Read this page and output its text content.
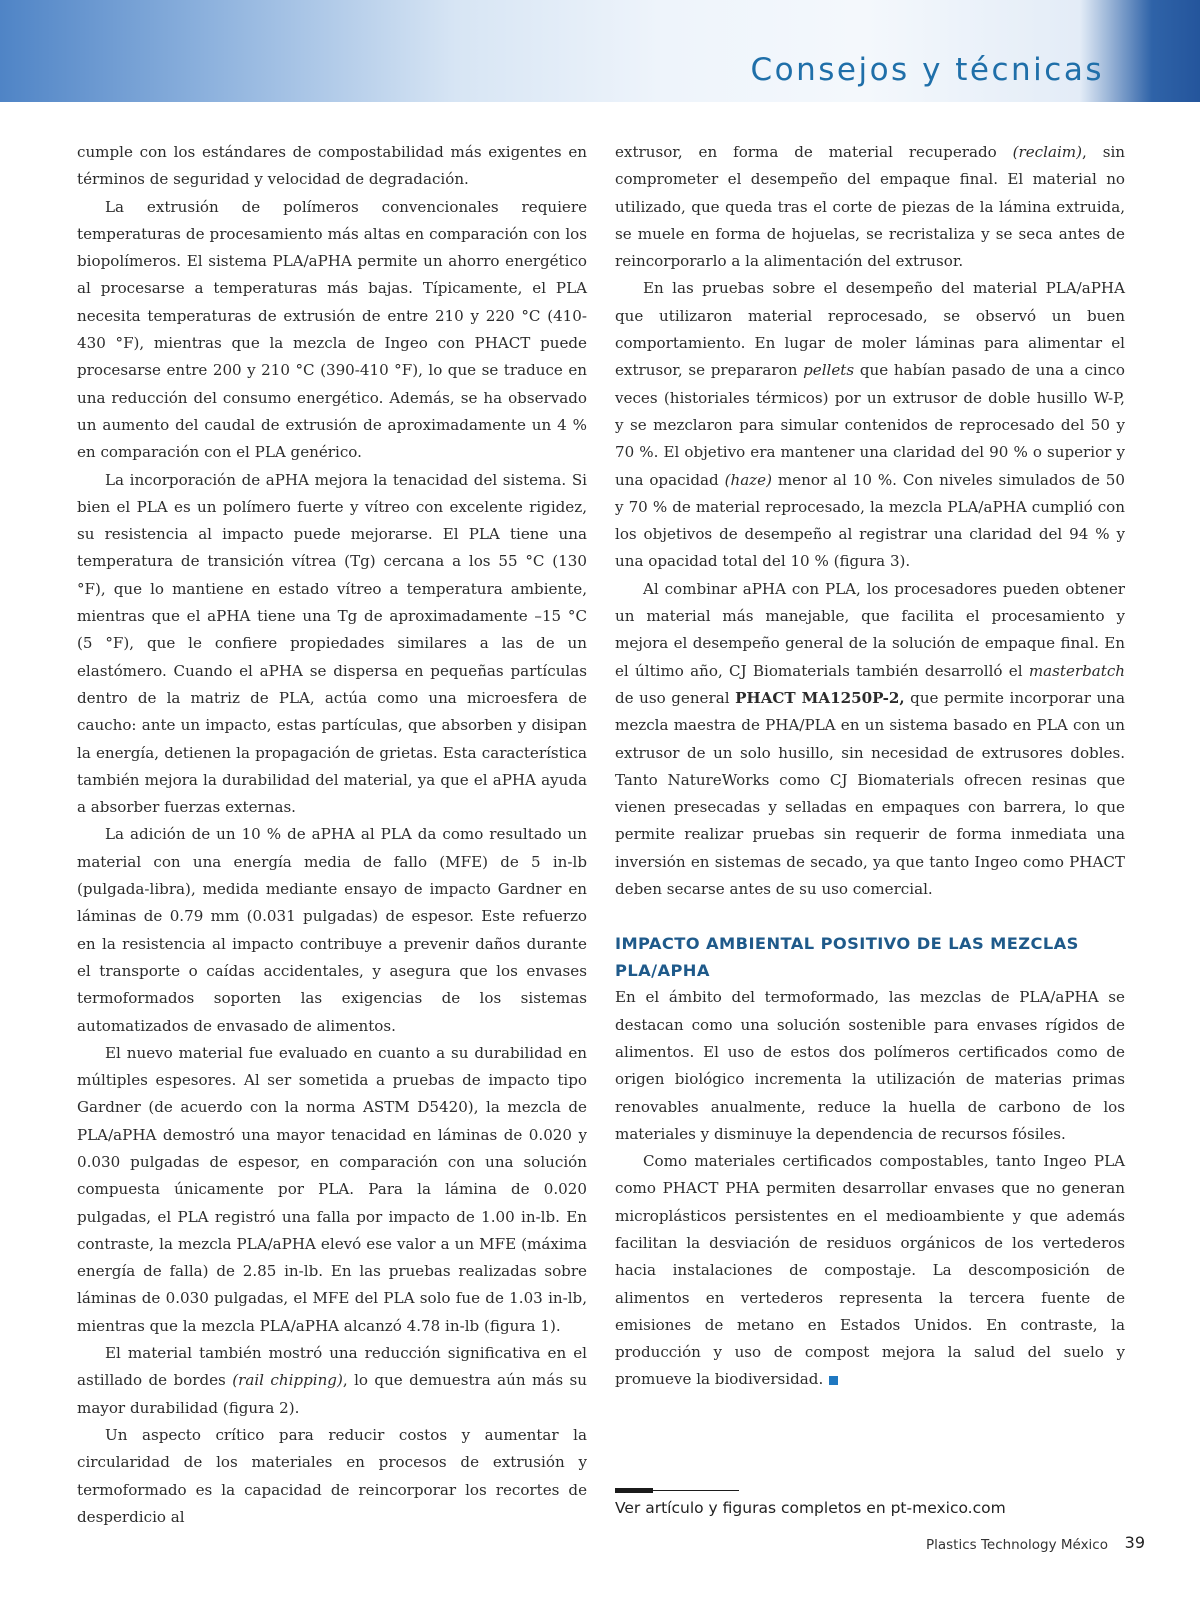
Consejos y técnicas

cumple con los estándares de compostabilidad más exigentes en términos de seguridad y velocidad de degradación.

La extrusión de polímeros convencionales requiere temperaturas de procesamiento más altas en comparación con los biopolímeros. El sistema PLA/aPHA permite un ahorro energético al procesarse a temperaturas más bajas. Típicamente, el PLA necesita temperaturas de extrusión de entre 210 y 220 °C (410-430 °F), mientras que la mezcla de Ingeo con PHACT puede procesarse entre 200 y 210 °C (390-410 °F), lo que se traduce en una reducción del consumo energético. Además, se ha observado un aumento del caudal de extrusión de aproximadamente un 4 % en comparación con el PLA genérico.

La incorporación de aPHA mejora la tenacidad del sistema. Si bien el PLA es un polímero fuerte y vítreo con excelente rigidez, su resistencia al impacto puede mejorarse. El PLA tiene una temperatura de transición vítrea (Tg) cercana a los 55 °C (130 °F), que lo mantiene en estado vítreo a temperatura ambiente, mientras que el aPHA tiene una Tg de aproximadamente –15 °C (5 °F), que le confiere propiedades similares a las de un elastómero. Cuando el aPHA se dispersa en pequeñas partículas dentro de la matriz de PLA, actúa como una microesfera de caucho: ante un impacto, estas partículas, que absorben y disipan la energía, detienen la propagación de grietas. Esta característica también mejora la durabilidad del material, ya que el aPHA ayuda a absorber fuerzas externas.

La adición de un 10 % de aPHA al PLA da como resultado un material con una energía media de fallo (MFE) de 5 in-lb (pulgada-libra), medida mediante ensayo de impacto Gardner en láminas de 0.79 mm (0.031 pulgadas) de espesor. Este refuerzo en la resistencia al impacto contribuye a prevenir daños durante el transporte o caídas accidentales, y asegura que los envases termoformados soporten las exigencias de los sistemas automatizados de envasado de alimentos.

El nuevo material fue evaluado en cuanto a su durabilidad en múltiples espesores. Al ser sometida a pruebas de impacto tipo Gardner (de acuerdo con la norma ASTM D5420), la mezcla de PLA/aPHA demostró una mayor tenacidad en láminas de 0.020 y 0.030 pulgadas de espesor, en comparación con una solución compuesta únicamente por PLA. Para la lámina de 0.020 pulgadas, el PLA registró una falla por impacto de 1.00 in-lb. En contraste, la mezcla PLA/aPHA elevó ese valor a un MFE (máxima energía de falla) de 2.85 in-lb. En las pruebas realizadas sobre láminas de 0.030 pulgadas, el MFE del PLA solo fue de 1.03 in-lb, mientras que la mezcla PLA/aPHA alcanzó 4.78 in-lb (figura 1).

El material también mostró una reducción significativa en el astillado de bordes (rail chipping), lo que demuestra aún más su mayor durabilidad (figura 2).

Un aspecto crítico para reducir costos y aumentar la circularidad de los materiales en procesos de extrusión y termoformado es la capacidad de reincorporar los recortes de desperdicio al

extrusor, en forma de material recuperado (reclaim), sin comprometer el desempeño del empaque final. El material no utilizado, que queda tras el corte de piezas de la lámina extruida, se muele en forma de hojuelas, se recristaliza y se seca antes de reincorporarlo a la alimentación del extrusor.

En las pruebas sobre el desempeño del material PLA/aPHA que utilizaron material reprocesado, se observó un buen comportamiento. En lugar de moler láminas para alimentar el extrusor, se prepararon pellets que habían pasado de una a cinco veces (historiales térmicos) por un extrusor de doble husillo W-P, y se mezclaron para simular contenidos de reprocesado del 50 y 70 %. El objetivo era mantener una claridad del 90 % o superior y una opacidad (haze) menor al 10 %. Con niveles simulados de 50 y 70 % de material reprocesado, la mezcla PLA/aPHA cumplió con los objetivos de desempeño al registrar una claridad del 94 % y una opacidad total del 10 % (figura 3).

Al combinar aPHA con PLA, los procesadores pueden obtener un material más manejable, que facilita el procesamiento y mejora el desempeño general de la solución de empaque final. En el último año, CJ Biomaterials también desarrolló el masterbatch de uso general PHACT MA1250P-2, que permite incorporar una mezcla maestra de PHA/PLA en un sistema basado en PLA con un extrusor de un solo husillo, sin necesidad de extrusores dobles. Tanto NatureWorks como CJ Biomaterials ofrecen resinas que vienen presecadas y selladas en empaques con barrera, lo que permite realizar pruebas sin requerir de forma inmediata una inversión en sistemas de secado, ya que tanto Ingeo como PHACT deben secarse antes de su uso comercial.

IMPACTO AMBIENTAL POSITIVO DE LAS MEZCLAS PLA/APHA

En el ámbito del termoformado, las mezclas de PLA/aPHA se destacan como una solución sostenible para envases rígidos de alimentos. El uso de estos dos polímeros certificados como de origen biológico incrementa la utilización de materias primas renovables anualmente, reduce la huella de carbono de los materiales y disminuye la dependencia de recursos fósiles.

Como materiales certificados compostables, tanto Ingeo PLA como PHACT PHA permiten desarrollar envases que no generan microplásticos persistentes en el medioambiente y que además facilitan la desviación de residuos orgánicos de los vertederos hacia instalaciones de compostaje. La descomposición de alimentos en vertederos representa la tercera fuente de emisiones de metano en Estados Unidos. En contraste, la producción y uso de compost mejora la salud del suelo y promueve la biodiversidad.

Ver artículo y figuras completos en pt-mexico.com
Plastics Technology México 39
